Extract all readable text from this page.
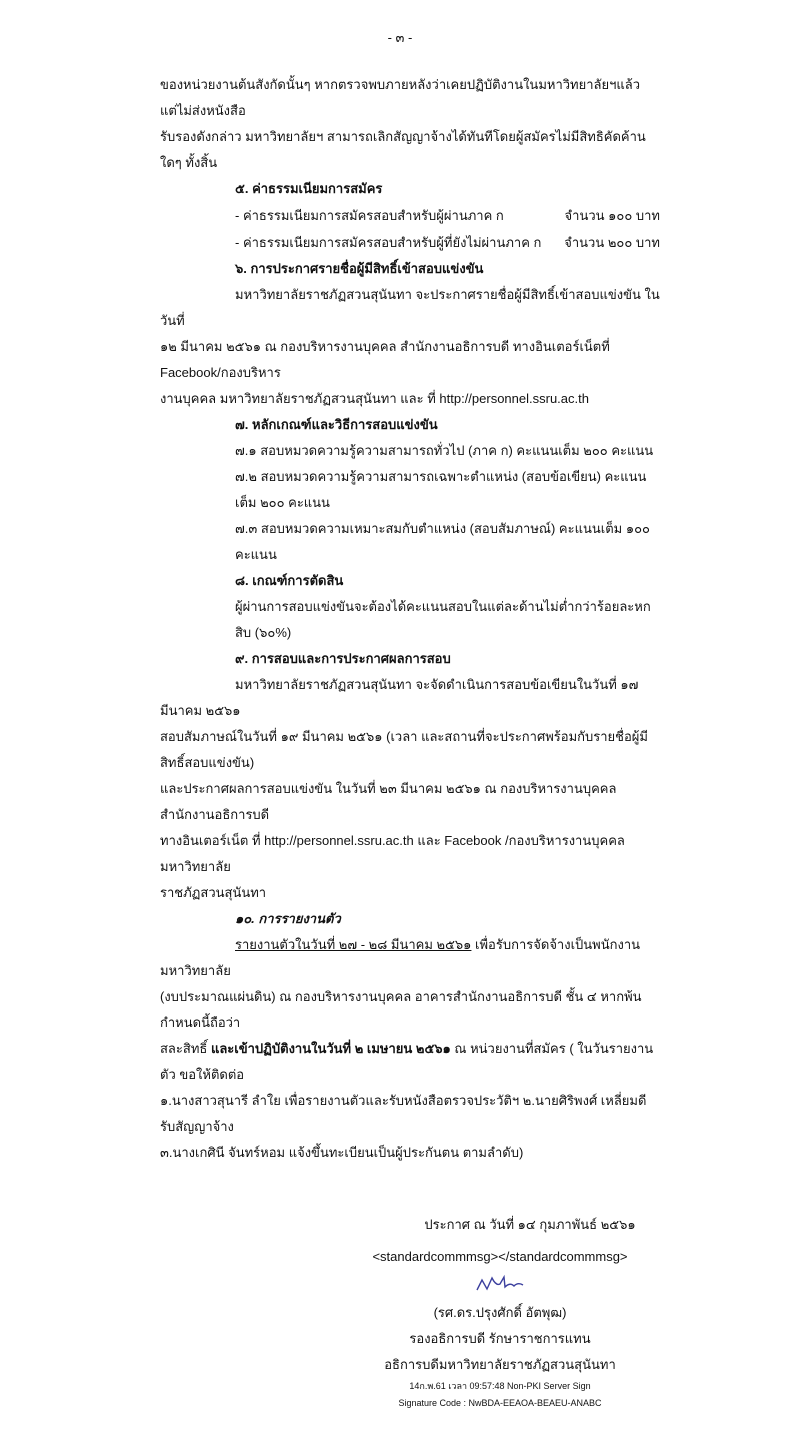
- ๓ -
ของหน่วยงานต้นสังกัดนั้นๆ หากตรวจพบภายหลังว่าเคยปฏิบัติงานในมหาวิทยาลัยฯแล้ว แต่ไม่ส่งหนังสือ
รับรองดังกล่าว มหาวิทยาลัยฯ สามารถเลิกสัญญาจ้างได้ทันทีโดยผู้สมัครไม่มีสิทธิคัดค้านใดๆ ทั้งสิ้น
๕. ค่าธรรมเนียมการสมัคร
- ค่าธรรมเนียมการสมัครสอบสำหรับผู้ผ่านภาค ก	จำนวน ๑๐๐ บาท
- ค่าธรรมเนียมการสมัครสอบสำหรับผู้ที่ยังไม่ผ่านภาค ก	จำนวน ๒๐๐ บาท
๖. การประกาศรายชื่อผู้มีสิทธิ์เข้าสอบแข่งขัน
มหาวิทยาลัยราชภัฏสวนสุนันทา จะประกาศรายชื่อผู้มีสิทธิ์เข้าสอบแข่งขัน ในวันที่
๑๒ มีนาคม ๒๕๖๑ ณ กองบริหารงานบุคคล สำนักงานอธิการบดี ทางอินเตอร์เน็ตที่ Facebook/กองบริหาร
งานบุคคล มหาวิทยาลัยราชภัฏสวนสุนันทา และ ที่ http://personnel.ssru.ac.th
๗. หลักเกณฑ์และวิธีการสอบแข่งขัน
๗.๑ สอบหมวดความรู้ความสามารถทั่วไป (ภาค ก) คะแนนเต็ม ๒๐๐ คะแนน
๗.๒ สอบหมวดความรู้ความสามารถเฉพาะตำแหน่ง (สอบข้อเขียน) คะแนนเต็ม ๒๐๐ คะแนน
๗.๓ สอบหมวดความเหมาะสมกับตำแหน่ง (สอบสัมภาษณ์) คะแนนเต็ม ๑๐๐ คะแนน
๘. เกณฑ์การตัดสิน
ผู้ผ่านการสอบแข่งขันจะต้องได้คะแนนสอบในแต่ละด้านไม่ต่ำกว่าร้อยละหกสิบ (๖๐%)
๙. การสอบและการประกาศผลการสอบ
มหาวิทยาลัยราชภัฏสวนสุนันทา จะจัดดำเนินการสอบข้อเขียนในวันที่ ๑๗ มีนาคม ๒๕๖๑
สอบสัมภาษณ์ในวันที่ ๑๙ มีนาคม ๒๕๖๑ (เวลา และสถานที่จะประกาศพร้อมกับรายชื่อผู้มีสิทธิ์สอบแข่งขัน)
และประกาศผลการสอบแข่งขัน ในวันที่ ๒๓ มีนาคม ๒๕๖๑ ณ กองบริหารงานบุคคล สำนักงานอธิการบดี
ทางอินเตอร์เน็ต ที่ http://personnel.ssru.ac.th และ Facebook /กองบริหารงานบุคคล มหาวิทยาลัย
ราชภัฏสวนสุนันทา
๑๐. การรายงานตัว
รายงานตัวในวันที่ ๒๗ - ๒๘ มีนาคม ๒๕๖๑ เพื่อรับการจัดจ้างเป็นพนักงานมหาวิทยาลัย
(งบประมาณแผ่นดิน) ณ กองบริหารงานบุคคล อาคารสำนักงานอธิการบดี ชั้น ๔ หากพ้นกำหนดนี้ถือว่า
สละสิทธิ์ และเข้าปฏิบัติงานในวันที่ ๒ เมษายน ๒๕๖๑ ณ หน่วยงานที่สมัคร ( ในวันรายงานตัว ขอให้ติดต่อ
๑.นางสาวสุนารี ลำใย เพื่อรายงานตัวและรับหนังสือตรวจประวัติฯ ๒.นายศิริพงศ์ เหลี่ยมดี รับสัญญาจ้าง
๓.นางเกศินี จันทร์หอม แจ้งขึ้นทะเบียนเป็นผู้ประกันตน ตามลำดับ)
ประกาศ ณ วันที่ ๑๔ กุมภาพันธ์ ๒๕๖๑
<standardcommmsg></standardcommmsg>
(รศ.ดร.ปรุงศักดิ์ อัตพุฒ)
รองอธิการบดี รักษาราชการแทน
อธิการบดีมหาวิทยาลัยราชภัฏสวนสุนันทา
14ก.พ.61 เวลา 09:57:48 Non-PKI Server Sign
Signature Code : NwBDA-EEAOA-BEAEU-ANABC
